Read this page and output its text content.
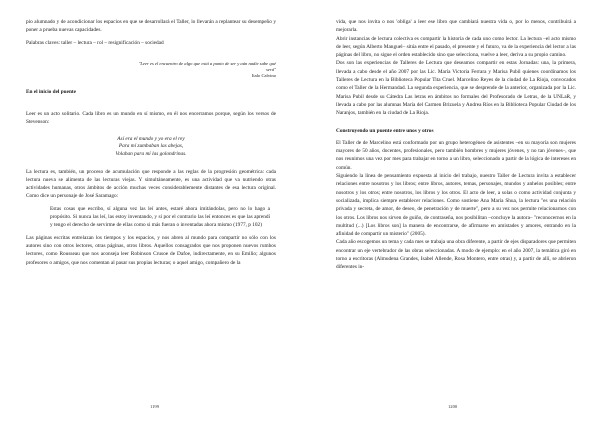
pio alumnado y de acondicionar los espacios en que se desarrollará el Taller, lo llevarán a replantear su desempeño y poner a prueba nuevas capacidades.

Palabras claves: taller – lectura – rol – resignificación – sociedad

"Leer es el encuentro de algo que está a punto de ser y aún nadie sabe qué será"

Italo Calvino

En el inicio del puente

Leer es un acto solitario. Cada libro es un mundo en sí mismo, en él nos encerramos porque, según los versos de Stevenson:

Así era el mundo y yo era el rey

Para mí zumbaban las abejas,

Volaban para mí las golondrinas.

La lectura es, también, un proceso de acumulación que responde a las reglas de la progresión geométrica: cada lectura nueva se alimenta de las lecturas viejas. Y simultáneamente, es una actividad que va nutriendo otras actividades humanas, otros ámbitos de acción muchas veces considerablemente distantes de esa lectura original. Como dice un personaje de José Saramago:

Estas cosas que escribo, sí alguna vez las leí antes, estaré ahora imitándolas, pero no lo hago a propósito. Si nunca las leí, las estoy inventando, y si por el contrario las leí entonces es que las aprendí y tengo el derecho de servirme de ellas como si más fueran o inventadas ahora mismo (1977, p 102)

Las páginas escritas entrelazan los tiempos y los espacios, y nos abren al mundo para compartir no sólo con los autores sino con otros lectores, otras páginas, otros libros. Aquellos consagrados que nos proponen nuevos rumbos lectores, como Rousseau que nos aconseja leer Robinson Crusoe de Dafoe, indirectamente, en su Emilio; algunos profesores o amigos, que nos comentan al pasar sus propias lecturas; o aquel amigo, compañero de la

1199

vida, que nos invita o nos 'obliga' a leer ese libro que cambiará nuestra vida o, por lo menos, contribuirá a mejorarla.

Abrir instancias de lectura colectiva es compartir la historia de cada uno como lector. La lectura –el acto mismo de leer, según Alberto Manguel– sitúa entre el pasado, el presente y el futuro, va de la experiencia del lector a las páginas del libro, no sigue el orden establecido sino que selecciona, vuelve a leer, deriva a su propio camino.

Dos son las experiencias de Talleres de Lectura que deseamos compartir en estas Jornadas: una, la primera, llevada a cabo desde el año 2007 por las Lic. María Victoria Ferrara y Marisa Pubil quienes coordinamos los Talleres de Lectura en la Biblioteca Popular Tita Cruel. Marcelino Reyes de la ciudad de La Rioja, convocados como el Taller de la Hermandad. La segunda experiencia, que se desprende de la anterior, organizada por la Lic. Marisa Pubil desde su Cátedra Las letras en ámbitos no formales del Profesorado de Letras, de la UNLaR, y llevada a cabo por las alumnas María del Carmen Brizuela y Andrea Ríos en la Biblioteca Popular Ciudad de los Naranjos, también en la ciudad de La Rioja.

Construyendo un puente entre unos y otros

El Taller de de Marcelino está conformado por un grupo heterogéneo de asistentes –en su mayoría son mujeres mayores de 50 años, docentes, profesionales, pero también hombres y mujeres jóvenes, y no tan jóvenes–, que nos reunimos una vez por mes para trabajar en torno a un libro, seleccionado a partir de la lógica de intereses en común.

Siguiendo la línea de pensamiento expuesta al inicio del trabajo, nuestro Taller de Lectura invita a establecer relaciones entre nosotros y los libros; entre libros, autores, temas, personajes, mundos y anhelos posibles; entre nosotros y los otros; entre nosotros, los libros y los otros. El acto de leer, a solas o como actividad conjunta y socializada, implica siempre establecer relaciones. Como sostiene Ana María Shua, la lectura "es una relación privada y secreta, de amor, de deseo, de penetración y de muerte", pero a su vez nos permite relacionarnos con los otros. Los libros nos sirven de guiño, de contraseña, nos posibilitan –concluye la autora– "reconocernos en la multitud (...) [Los libros son] la manera de encontrarse, de afirmarse en amistades y amores, entrando en la afinidad de compartir un misterio" (2005).

Cada año escogemos un tema y cada mes se trabaja una obra diferente, a partir de ejes disparadores que permiten encontrar un eje vertebrador de las obras seleccionadas. A modo de ejemplo: en el año 2007, la temática giró en torno a escritoras (Almudena Grandes, Isabel Allende, Rosa Montero, entre otras) y, a partir de allí, se abrieron diferentes in-

1200
